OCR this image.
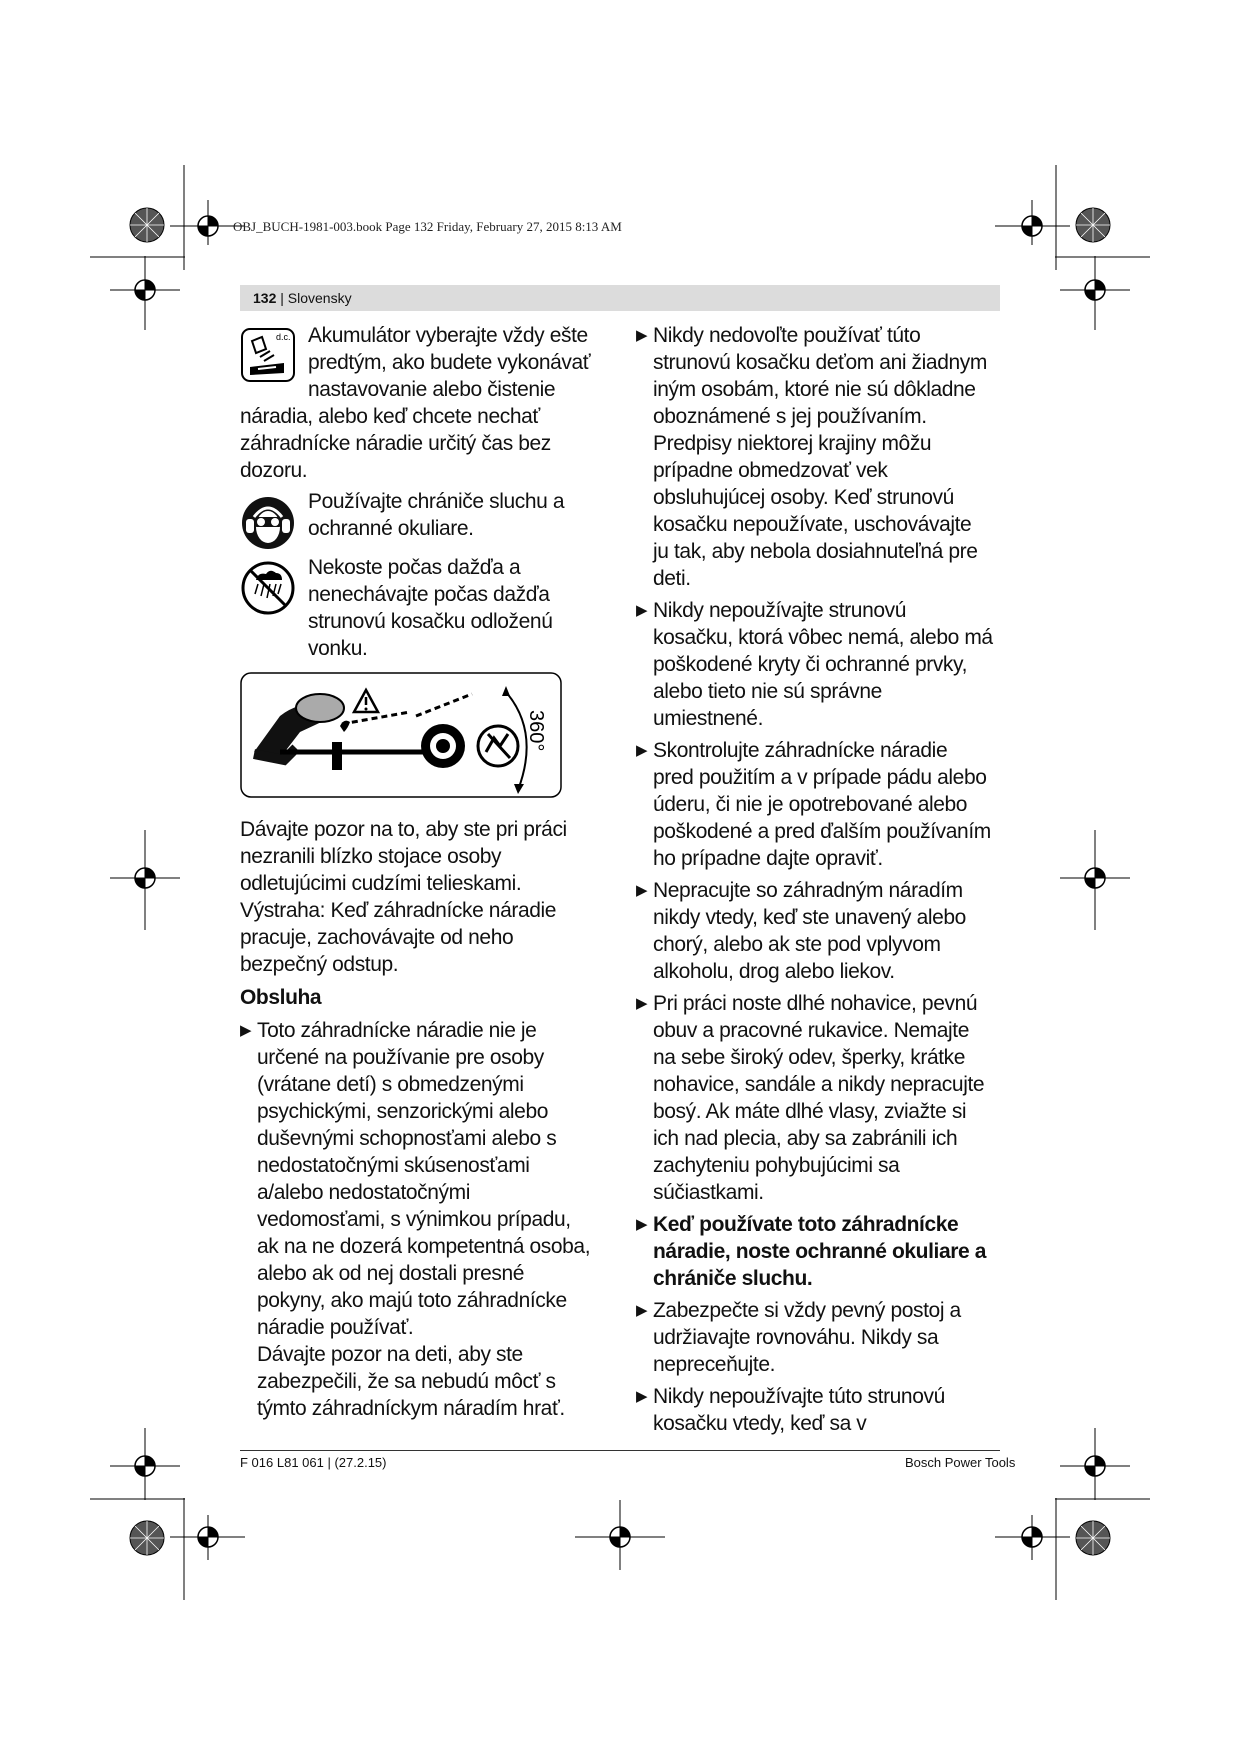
OBJ_BUCH-1981-003.book Page 132 Friday, February 27, 2015 8:13 AM
132 | Slovensky
d.c. Akumulátor vyberajte vždy ešte
predtým, ako budete vykonávať
nastavovanie alebo čistenie
náradia, alebo keď chcete nechať
záhradnícke náradie určitý čas bez
dozoru.
Používajte chrániče sluchu a
ochranné okuliare.
Nekoste počas dažďa a
nenechávajte počas dažďa
strunovú kosačku odloženú
vonku.
360°
Dávajte pozor na to, aby ste pri práci
nezranili blízko stojace osoby
odletujúcimi cudzími telieskami.
Výstraha: Keď záhradnícke náradie
pracuje, zachovávajte od neho
bezpečný odstup.
Obsluha
▶ Toto záhradnícke náradie nie je
určené na používanie pre osoby
(vrátane detí) s obmedzenými
psychickými, senzorickými alebo
duševnými schopnosťami alebo s
nedostatočnými skúsenosťami
a/alebo nedostatočnými
vedomosťami, s výnimkou prípadu,
ak na ne dozerá kompetentná osoba,
alebo ak od nej dostali presné
pokyny, ako majú toto záhradnícke
náradie používať.
Dávajte pozor na deti, aby ste
zabezpečili, že sa nebudú môcť s
týmto záhradníckym náradím hrať.
▶ Nikdy nedovoľte používať túto
strunovú kosačku deťom ani žiadnym
iným osobám, ktoré nie sú dôkladne
oboznámené s jej používaním.
Predpisy niektorej krajiny môžu
prípadne obmedzovať vek
obsluhujúcej osoby. Keď strunovú
kosačku nepoužívate, uschovávajte
ju tak, aby nebola dosiahnuteľná pre
deti.
▶ Nikdy nepoužívajte strunovú
kosačku, ktorá vôbec nemá, alebo má
poškodené kryty či ochranné prvky,
alebo tieto nie sú správne
umiestnené.
▶ Skontrolujte záhradnícke náradie
pred použitím a v prípade pádu alebo
úderu, či nie je opotrebované alebo
poškodené a pred ďalším používaním
ho prípadne dajte opraviť.
▶ Nepracujte so záhradným náradím
nikdy vtedy, keď ste unavený alebo
chorý, alebo ak ste pod vplyvom
alkoholu, drog alebo liekov.
▶ Pri práci noste dlhé nohavice, pevnú
obuv a pracovné rukavice. Nemajte
na sebe široký odev, šperky, krátke
nohavice, sandále a nikdy nepracujte
bosý. Ak máte dlhé vlasy, zviažte si
ich nad plecia, aby sa zabránili ich
zachyteniu pohybujúcimi sa
súčiastkami.
▶ Keď používate toto záhradnícke
náradie, noste ochranné okuliare a
chrániče sluchu.
▶ Zabezpečte si vždy pevný postoj a
udržiavajte rovnováhu. Nikdy sa
nepreceňujte.
▶ Nikdy nepoužívajte túto strunovú
kosačku vtedy, keď sa v
F 016 L81 061 | (27.2.15)	Bosch Power Tools
